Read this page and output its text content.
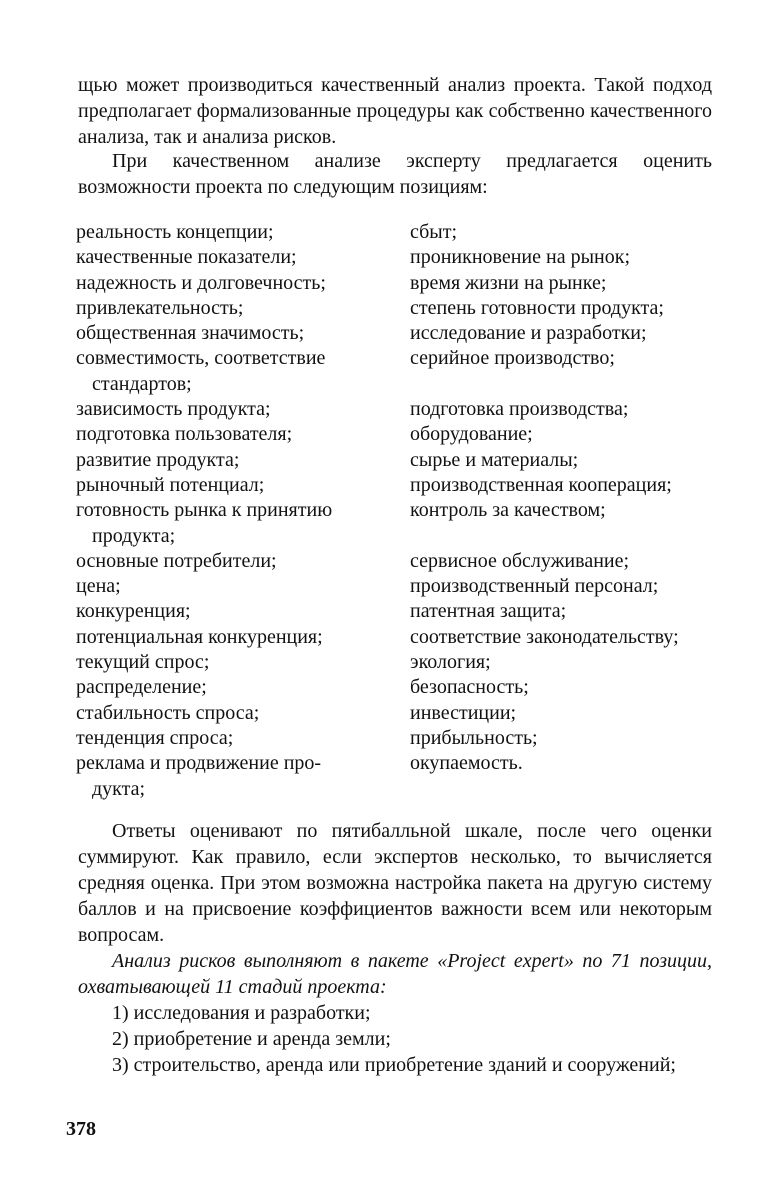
щью может производиться качественный анализ проекта. Такой подход предполагает формализованные процедуры как собственно качественного анализа, так и анализа рисков.

При качественном анализе эксперту предлагается оценить возможности проекта по следующим позициям:

реальность концепции;
качественные показатели;
надежность и долговечность;
привлекательность;
общественная значимость;
совместимость, соответствие
стандартов;
зависимость продукта;
подготовка пользователя;
развитие продукта;
рыночный потенциал;
готовность рынка к принятию
продукта;
основные потребители;
цена;
конкуренция;
потенциальная конкуренция;
текущий спрос;
распределение;
стабильность спроса;
тенденция спроса;
реклама и продвижение про-
дукта;
сбыт;
проникновение на рынок;
время жизни на рынке;
степень готовности продукта;
исследование и разработки;
серийное производство;
подготовка производства;
оборудование;
сырье и материалы;
производственная кооперация;
контроль за качеством;
сервисное обслуживание;
производственный персонал;
патентная защита;
соответствие законодательству;
экология;
безопасность;
инвестиции;
прибыльность;
окупаемость.

Ответы оценивают по пятибалльной шкале, после чего оценки суммируют. Как правило, если экспертов несколько, то вычисляется средняя оценка. При этом возможна настройка пакета на другую систему баллов и на присвоение коэффициентов важности всем или некоторым вопросам.

Анализ рисков выполняют в пакете «Project expert» по 71 позиции, охватывающей 11 стадий проекта:

1) исследования и разработки;

2) приобретение и аренда земли;

3) строительство, аренда или приобретение зданий и сооружений;

378
